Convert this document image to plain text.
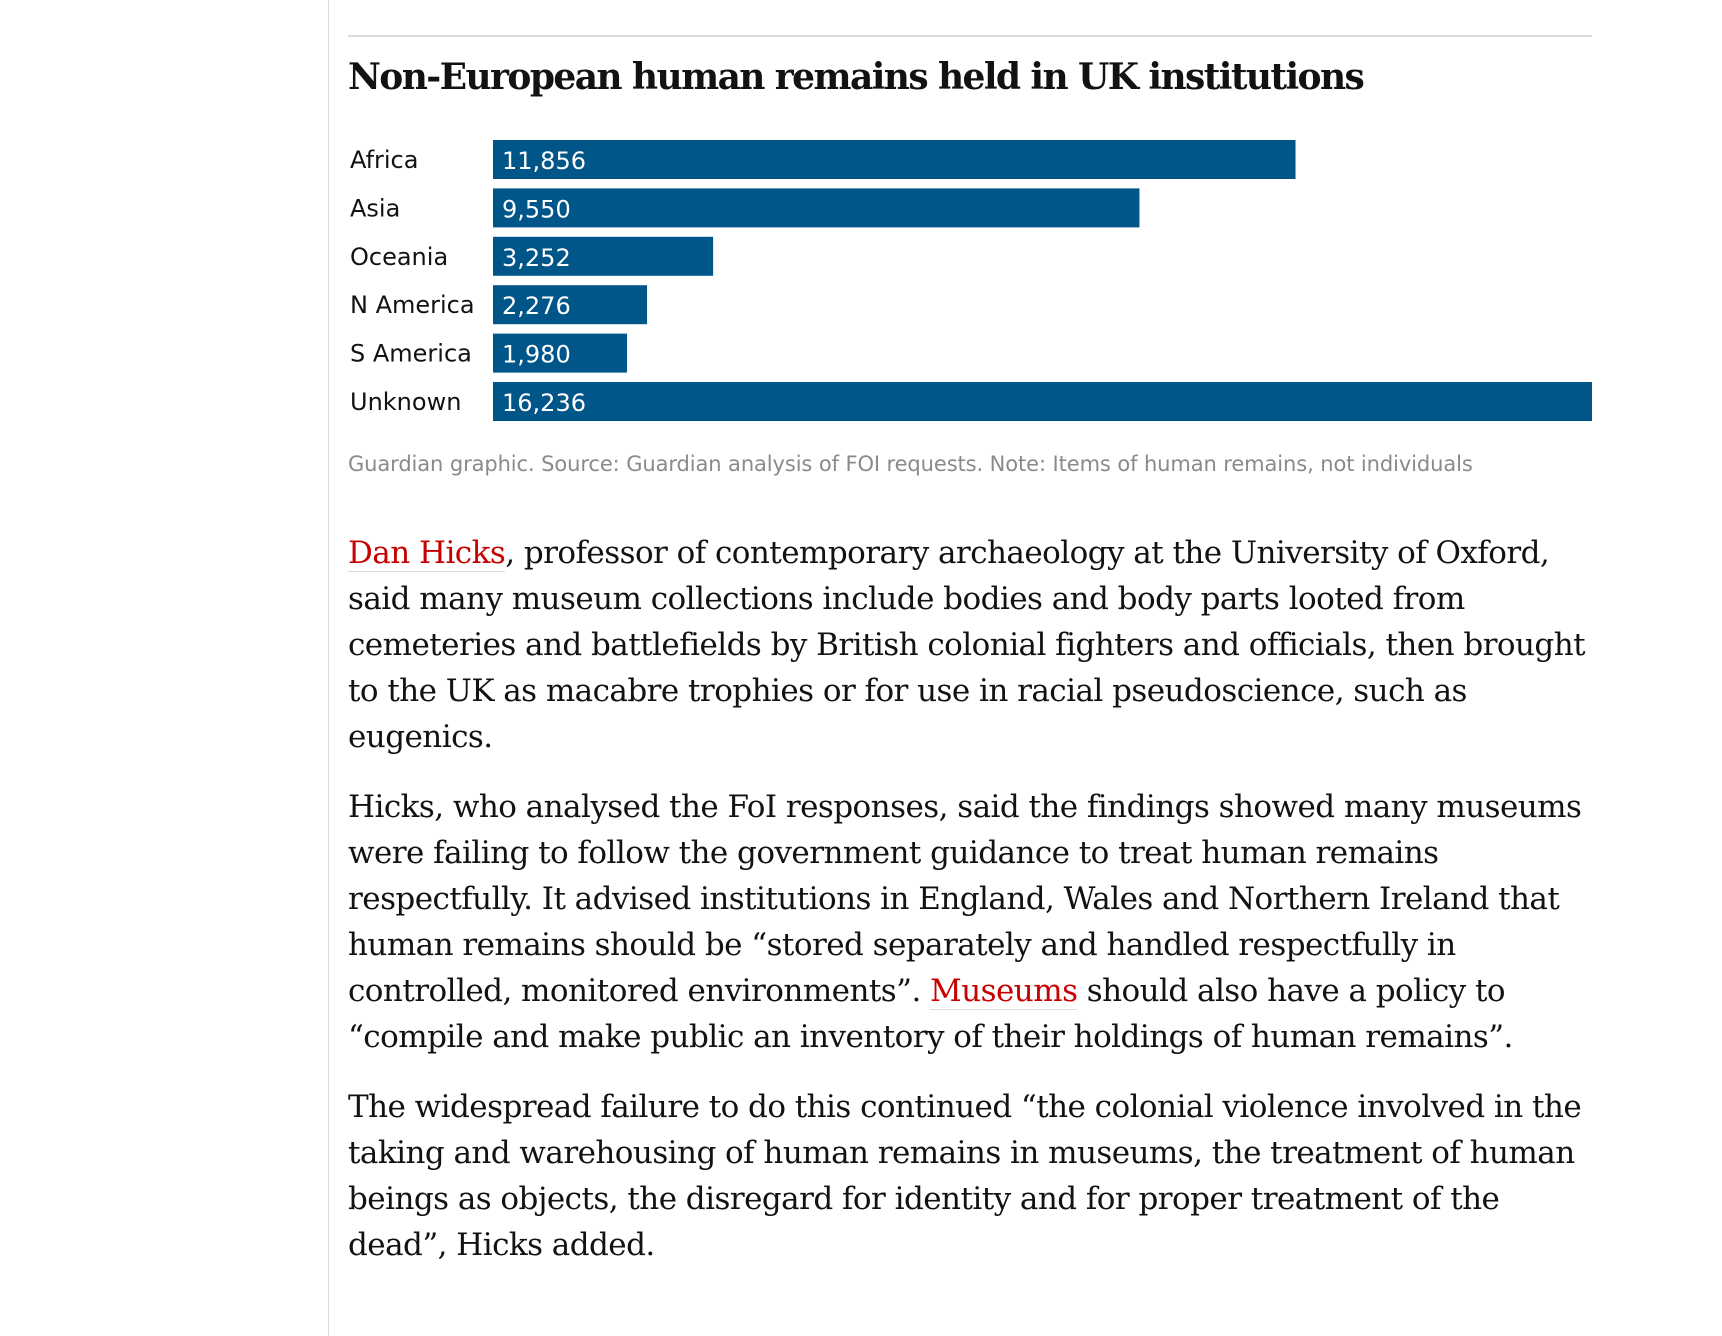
Non-European human remains held in UK institutions
Africa	11,856
Asia	9,550
Oceania 3,252
N America 2,276
S America 1,980
Unknown 16,236

Guardian graphic. Source: Guardian analysis of FOI requests. Note: Items of human remains, not individuals

Dan Hicks, professor of contemporary archaeology at the University of Oxford, said many museum collections include bodies and body parts looted from cemeteries and battlefields by British colonial fighters and officials, then brought to the UK as macabre trophies or for use in racial pseudoscience, such as eugenics.

Hicks, who analysed the FoI responses, said the findings showed many museums were failing to follow the government guidance to treat human remains respectfully. It advised institutions in England, Wales and Northern Ireland that human remains should be “stored separately and handled respectfully in controlled, monitored environments”. Museums should also have a policy to “compile and make public an inventory of their holdings of human remains”.

The widespread failure to do this continued “the colonial violence involved in the taking and warehousing of human remains in museums, the treatment of human beings as objects, the disregard for identity and for proper treatment of the dead”, Hicks added.
